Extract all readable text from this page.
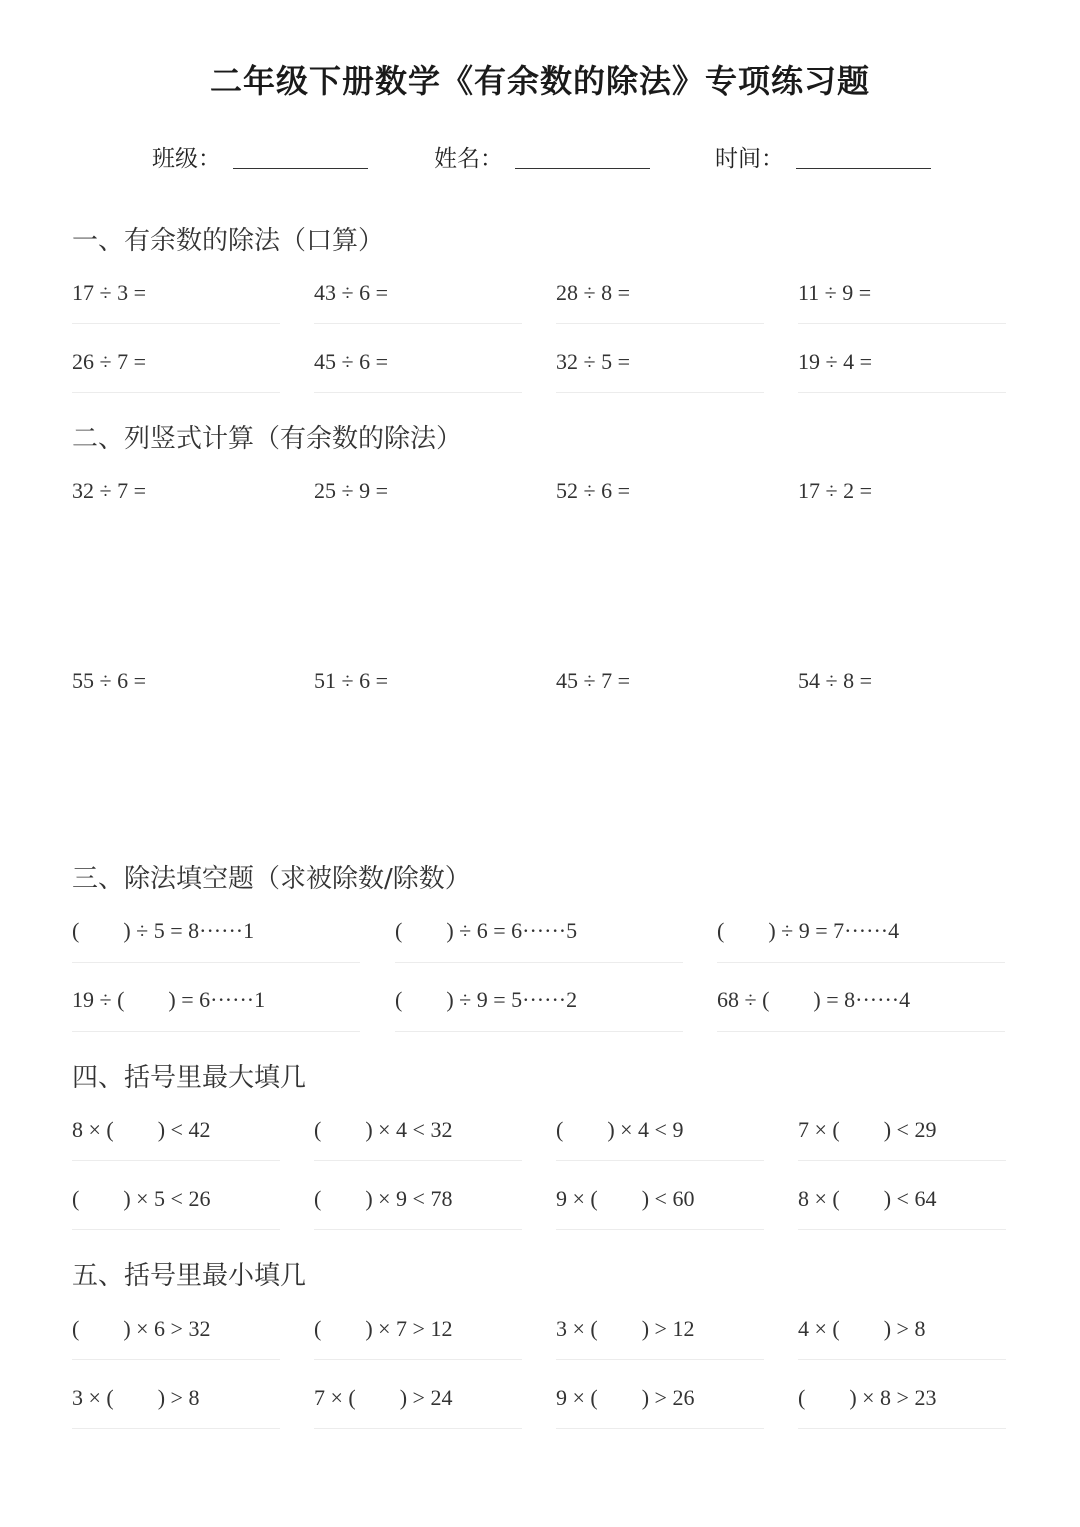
二年级下册数学《有余数的除法》专项练习题
班级：	姓名：	时间：
一、有余数的除法（口算）
17 ÷ 3 =	43 ÷ 6 =	28 ÷ 8 =	11 ÷ 9 =
26 ÷ 7 =	45 ÷ 6 =	32 ÷ 5 =	19 ÷ 4 =
二、列竖式计算（有余数的除法）
32 ÷ 7 =	25 ÷ 9 =	52 ÷ 6 =	17 ÷ 2 =
55 ÷ 6 =	51 ÷ 6 =	45 ÷ 7 =	54 ÷ 8 =
三、除法填空题（求被除数/除数）
(        ) ÷ 5 = 8······1	(        ) ÷ 6 = 6······5	(        ) ÷ 9 = 7······4
19 ÷ (        ) = 6······1	(        ) ÷ 9 = 5······2	68 ÷ (        ) = 8······4
四、括号里最大填几
8 × (        ) < 42	(        ) × 4 < 32	(        ) × 4 < 9	7 × (        ) < 29
(        ) × 5 < 26	(        ) × 9 < 78	9 × (        ) < 60	8 × (        ) < 64
五、括号里最小填几
(        ) × 6 > 32	(        ) × 7 > 12	3 × (        ) > 12	4 × (        ) > 8
3 × (        ) > 8	7 × (        ) > 24	9 × (        ) > 26	(        ) × 8 > 23
